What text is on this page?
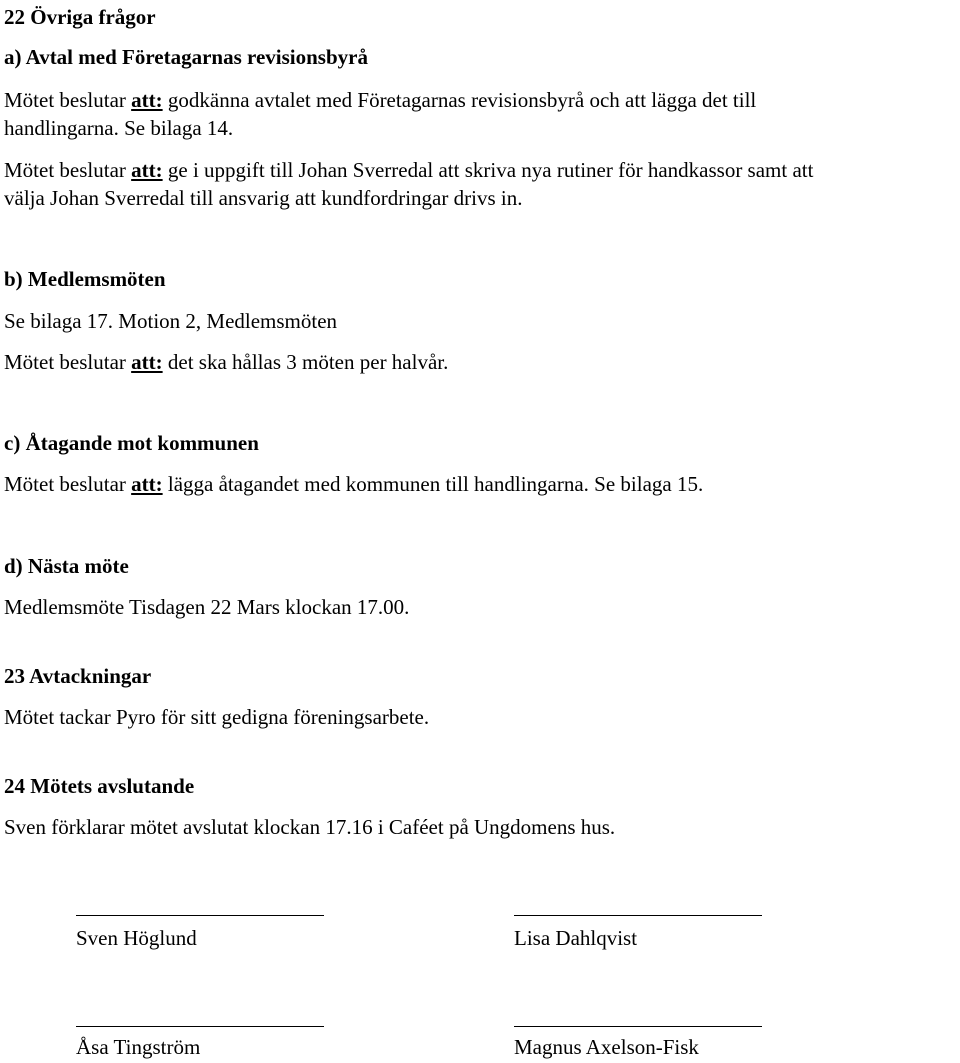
22 Övriga frågor
a) Avtal med Företagarnas revisionsbyrå
Mötet beslutar att: godkänna avtalet med Företagarnas revisionsbyrå och att lägga det till
handlingarna. Se bilaga 14.
Mötet beslutar att: ge i uppgift till Johan Sverredal att skriva nya rutiner för handkassor samt att
välja Johan Sverredal till ansvarig att kundfordringar drivs in.
b) Medlemsmöten
Se bilaga 17. Motion 2, Medlemsmöten
Mötet beslutar att: det ska hållas 3 möten per halvår.
c) Åtagande mot kommunen
Mötet beslutar att: lägga åtagandet med kommunen till handlingarna. Se bilaga 15.
d) Nästa möte
Medlemsmöte Tisdagen 22 Mars klockan 17.00.
23 Avtackningar
Mötet tackar Pyro för sitt gedigna föreningsarbete.
24 Mötets avslutande
Sven förklarar mötet avslutat klockan 17.16 i Caféet på Ungdomens hus.
Sven Höglund	Lisa Dahlqvist
Åsa Tingström	Magnus Axelson-Fisk
